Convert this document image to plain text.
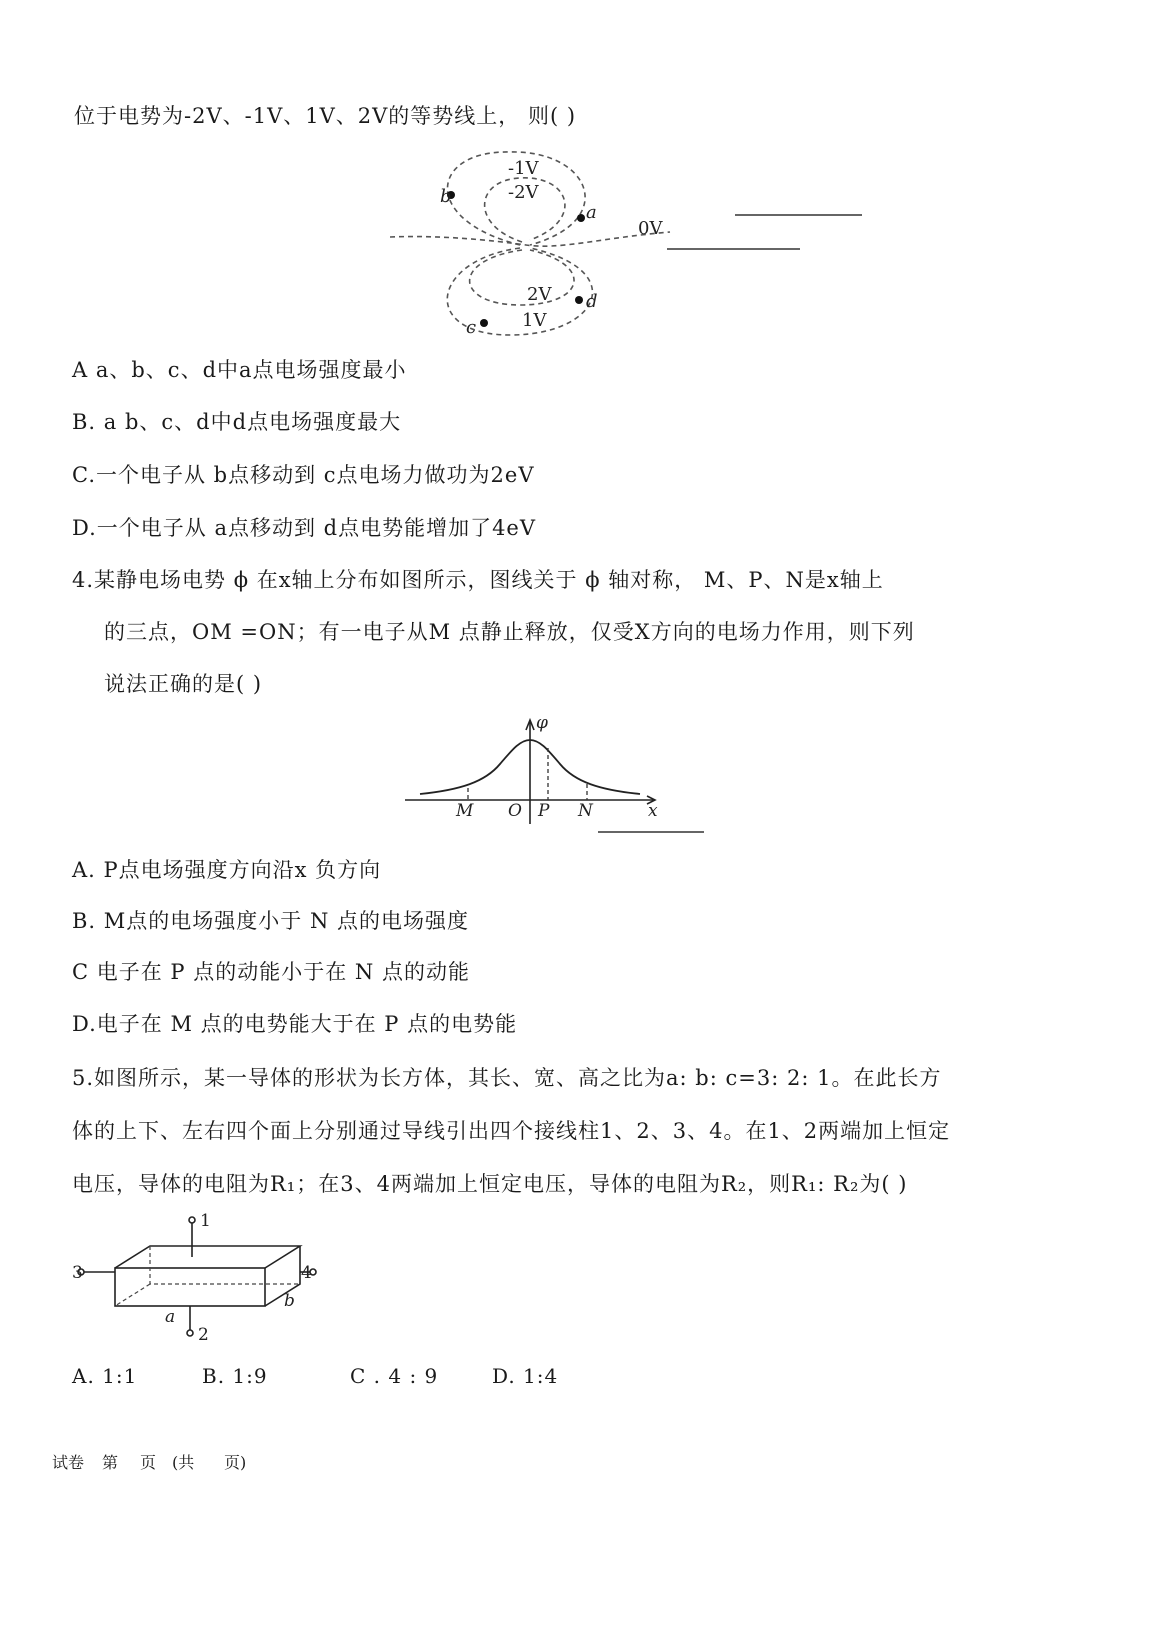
位于电势为-2V、-1V、1V、2V的等势线上， 则( )
-1V
-2V
b
a
0V
2V d
c	1V
A a、b、c、d中a点电场强度最小
B. a b、c、d中d点电场强度最大
C.一个电子从 b点移动到 c点电场力做功为2eV
D.一个电子从 a点移动到 d点电势能增加了4eV
4.某静电场电势 ϕ 在x轴上分布如图所示，图线关于 ϕ 轴对称， M、P、N是x轴上
的三点，OM =ON；有一电子从M 点静止释放，仅受X方向的电场力作用，则下列
说法正确的是( )
φ
M O P N	x
A. P点电场强度方向沿x 负方向
B. M点的电场强度小于 N 点的电场强度
C 电子在 P 点的动能小于在 N 点的动能
D.电子在 M 点的电势能大于在 P 点的电势能
5.如图所示，某一导体的形状为长方体，其长、宽、高之比为a: b: c=3: 2: 1。在此长方
体的上下、左右四个面上分别通过导线引出四个接线柱1、2、3、4。在1、2两端加上恒定
电压，导体的电阻为R₁；在3、4两端加上恒定电压，导体的电阻为R₂，则R₁: R₂为( )
1
2
3	4
a
b
A. 1:1	B. 1:9	C . 4 : 9	D. 1:4
试卷 第 页 (共 页)
